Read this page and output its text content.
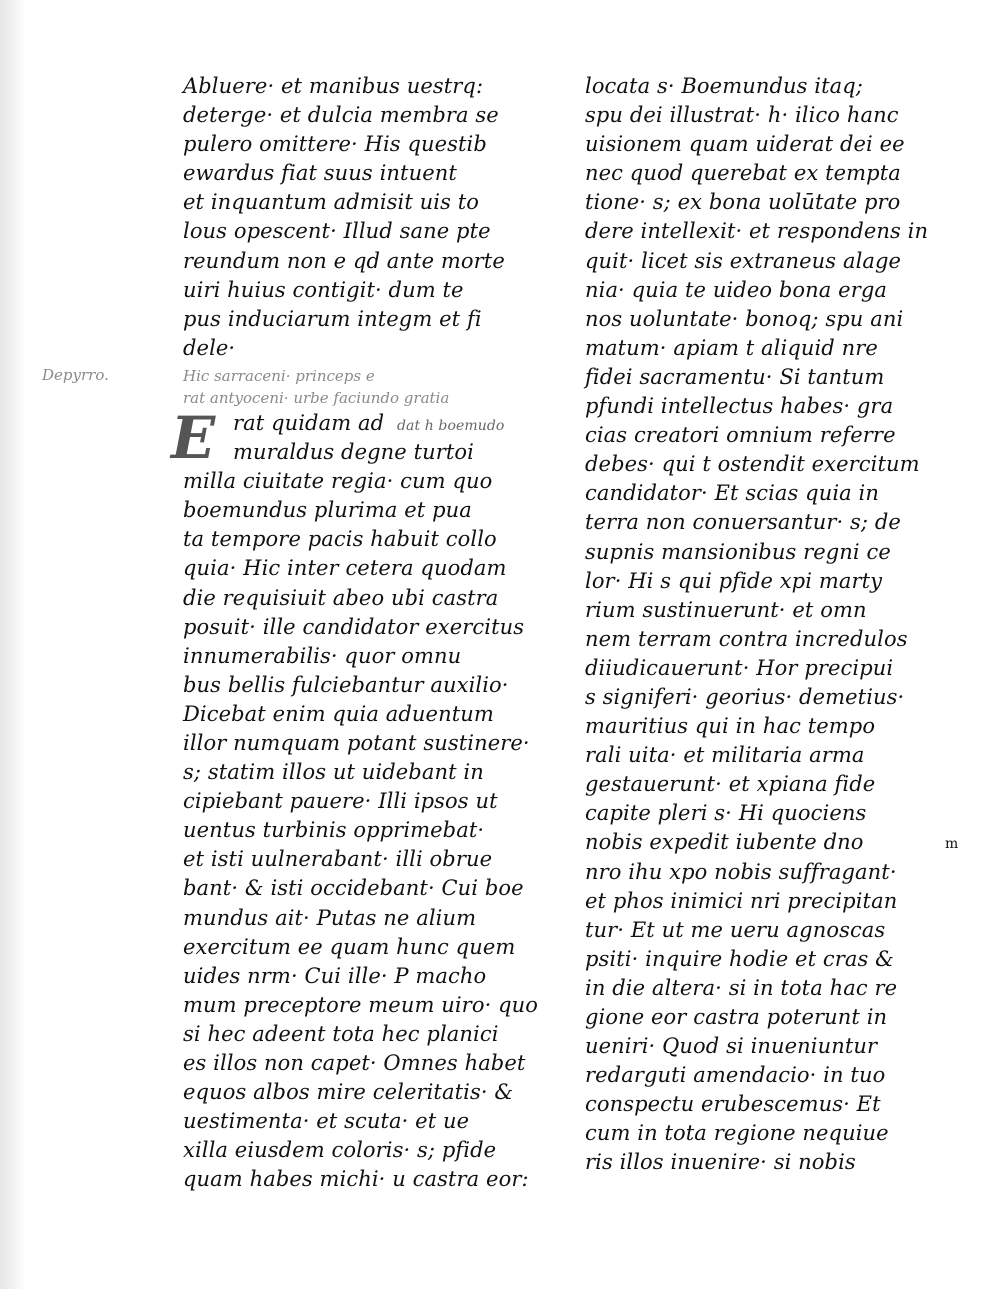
Depyrro.
m
Abluere· et manibus uestrq:
deterge· et dulcia membra se
pulero omittere· His questib
ewardus fiat suus intuent
et inquantum admisit uis to
lous opescent· Illud sane pte
reundum non e qd ante morte
uiri huius contigit· dum te
pus induciarum integm et fi
dele·
Hic sarraceni· princeps e
rat antyoceni· urbe faciundo gratia
E rat quidam ad dat h boemudo
muraldus degne turtoi
milla ciuitate regia· cum quo
boemundus plurima et pua
ta tempore pacis habuit collo
quia· Hic inter cetera quodam
die requisiuit abeo ubi castra
posuit· ille candidator exercitus
innumerabilis· quor omnu
bus bellis fulciebantur auxilio·
Dicebat enim quia aduentum
illor numquam potant sustinere·
s; statim illos ut uidebant in
cipiebant pauere· Illi ipsos ut
uentus turbinis opprimebat·
et isti uulnerabant· illi obrue
bant· & isti occidebant· Cui boe
mundus ait· Putas ne alium
exercitum ee quam hunc quem
uides nrm· Cui ille· P macho
mum preceptore meum uiro· quo
si hec adeent tota hec planici
es illos non capet· Omnes habet
equos albos mire celeritatis· &
uestimenta· et scuta· et ue
xilla eiusdem coloris· s; pfide
quam habes michi· u castra eor:
locata s· Boemundus itaq;
spu dei illustrat· h· ilico hanc
uisionem quam uiderat dei ee
nec quod querebat ex tempta
tione· s; ex bona uolūtate pro
dere intellexit· et respondens in
quit· licet sis extraneus alage
nia· quia te uideo bona erga
nos uoluntate· bonoq; spu ani
matum· apiam t aliquid nre
fidei sacramentu· Si tantum
pfundi intellectus habes· gra
cias creatori omnium referre
debes· qui t ostendit exercitum
candidator· Et scias quia in
terra non conuersantur· s; de
supnis mansionibus regni ce
lor· Hi s qui pfide xpi marty
rium sustinuerunt· et omn
nem terram contra incredulos
diiudicauerunt· Hor precipui
s signiferi· georius· demetius·
mauritius qui in hac tempo
rali uita· et militaria arma
gestauerunt· et xpiana fide
capite pleri s· Hi quociens
nobis expedit iubente dno
nro ihu xpo nobis suffragant·
et phos inimici nri precipitan
tur· Et ut me ueru agnoscas
psiti· inquire hodie et cras &
in die altera· si in tota hac re
gione eor castra poterunt in
ueniri· Quod si inueniuntur
redarguti amendacio· in tuo
conspectu erubescemus· Et
cum in tota regione nequiue
ris illos inuenire· si nobis
